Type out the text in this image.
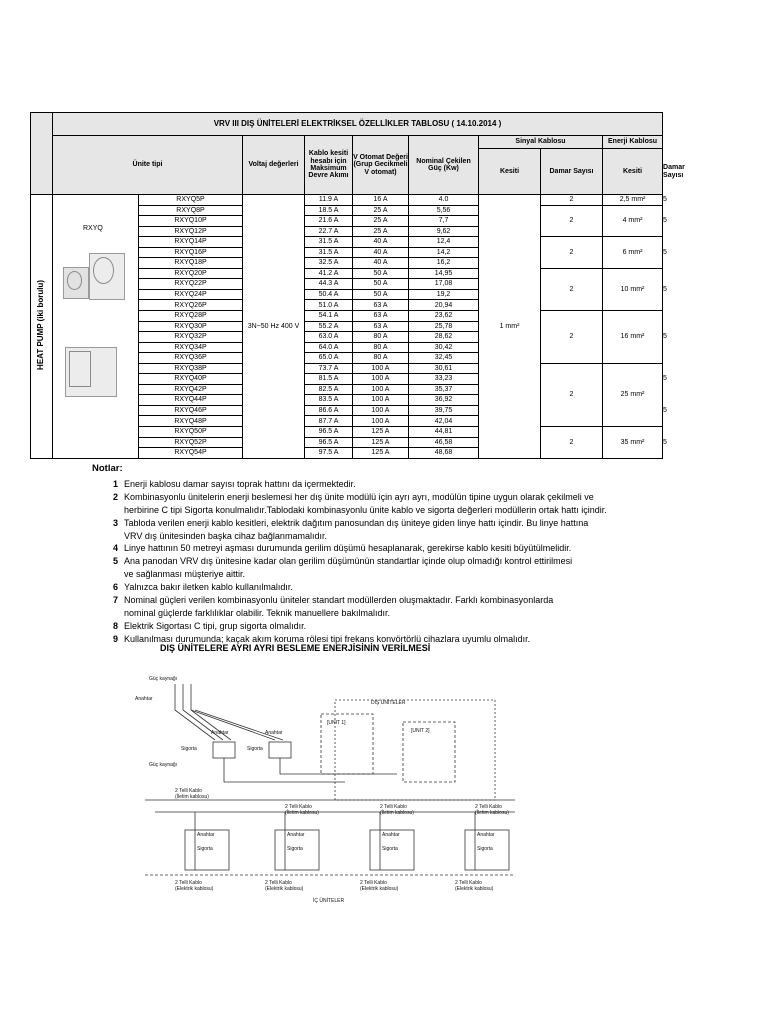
	VRV III DIŞ ÜNİTELERİ ELEKTRİKSEL ÖZELLİKLER TABLOSU ( 14.10.2014 )									
	Ünite tipi		Voltaj değerleri	Kablo kesiti hesabı için Maksimum Devre Akımı	V Otomat Değeri (Grup Gecikmeli V otomat)	Nominal Çekilen Güç (Kw)	Sinyal Kablosu		Enerji Kablosu	
							Kesiti	Damar Sayısı	Kesiti	Damar Sayısı
HEAT PUMP (iki borulu)	RXYQ	RXYQ5P	3N~50 Hz 400 V	11.9 A	16 A	4.0	1 mm²	2	2,5 mm²	5
		RXYQ8P		18.5 A	25 A	5,56		2	4 mm²	5
		RXYQ10P		21.6 A	25 A	7,7				
		RXYQ12P		22.7 A	25 A	9,62				
		RXYQ14P		31.5 A	40 A	12,4		2	6 mm²	5
		RXYQ16P		31.5 A	40 A	14,2				
		RXYQ18P		32.5 A	40 A	16,2				
		RXYQ20P		41.2 A	50 A	14,95		2	10 mm²	5
		RXYQ22P		44.3 A	50 A	17,08				
		RXYQ24P		50.4 A	50 A	19,2				
		RXYQ26P		51.0 A	63 A	20,94				
		RXYQ28P		54.1 A	63 A	23,62		2	16 mm²	5
		RXYQ30P		55.2 A	63 A	25,78				
		RXYQ32P		63.0 A	80 A	28,62				
		RXYQ34P		64.0 A	80 A	30,42				
		RXYQ36P		65.0 A	80 A	32,45				
		RXYQ38P		73.7 A	100 A	30,61		2	25 mm²	5
		RXYQ40P		81.5 A	100 A	33,23				
		RXYQ42P		82.5 A	100 A	35,37				
		RXYQ44P		83.5 A	100 A	36,92				5
		RXYQ46P		86.6 A	100 A	39,75				
		RXYQ48P		87.7 A	100 A	42,04				
		RXYQ50P		96.5 A	125 A	44,81		2	35 mm²	5
		RXYQ52P		96.5 A	125 A	46,58				
		RXYQ54P		97.5 A	125 A	48,68				
Notlar:
1 Enerji kablosu damar sayısı toprak hattını da içermektedir.
2 Kombinasyonlu ünitelerin enerji beslemesi her dış ünite modülü için ayrı ayrı, modülün tipine uygun olarak çekilmeli ve
herbirine C tipi Sigorta konulmalıdır.Tablodaki kombinasyonlu ünite kablo ve sigorta değerleri modüllerin ortak hattı içindir.
3 Tabloda verilen enerji kablo kesitleri, elektrik dağıtım panosundan dış üniteye giden linye hattı içindir. Bu linye hattına
VRV dış ünitesinden başka cihaz bağlanmamalıdır.
4 Linye hattının 50 metreyi aşması durumunda gerilim düşümü hesaplanarak, gerekirse kablo kesiti büyütülmelidir.
5 Ana panodan VRV dış ünitesine kadar olan gerilim düşümünün standartlar içinde olup olmadığı kontrol ettirilmesi
ve sağlanması müşteriye aittir.
6 Yalnızca bakır iletken kablo kullanılmalıdır.
7 Nominal güçleri verilen kombinasyonlu üniteler standart modüllerden oluşmaktadır. Farklı kombinasyonlarda
nominal güçlerde farklılıklar olabilir. Teknik manuellere bakılmalıdır.
8 Elektrik Sigortası C tipi, grup sigorta olmalıdır.
9 Kullanılması durumunda; kaçak akım koruma rölesi tipi frekans konvörtörlü cihazlara uyumlu olmalıdır.
DIŞ ÜNİTELERE AYRI AYRI BESLEME ENERJİSİNİN VERİLMESİ
Güç kaynağı
Anahtar
Anahtar
Sigorta
Anahtar
Sigorta
Güç kaynağı
DIŞ ÜNİTELER
[UNIT 1]
[UNIT 2]
2 Telli Kablo
(İletim kablosu)
2 Telli Kablo
(İletim kablosu)
2 Telli Kablo
(İletim kablosu)
2 Telli Kablo
(İletim kablosu)
Anahtar
Sigorta
Anahtar
Sigorta
Anahtar
Sigorta
Anahtar
Sigorta
2 Telli Kablo
(Elektrik kablosu)
2 Telli Kablo
(Elektrik kablosu)
2 Telli Kablo
(Elektrik kablosu)
2 Telli Kablo
(Elektrik kablosu)
İÇ ÜNİTELER
